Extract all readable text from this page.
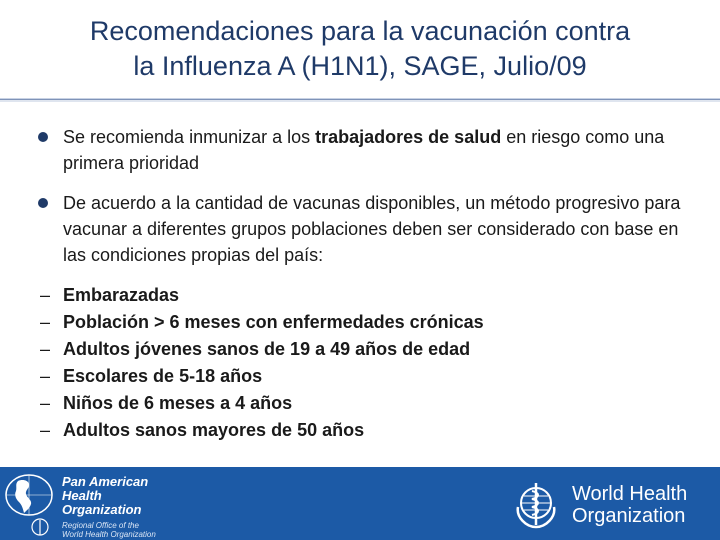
Recomendaciones para la vacunación contra
la Influenza A (H1N1), SAGE, Julio/09
Se recomienda inmunizar a los trabajadores de salud en riesgo como una primera prioridad
De acuerdo a la cantidad de vacunas disponibles, un método progresivo para vacunar a diferentes grupos poblaciones deben ser considerado con base en las condiciones propias del país:
– Embarazadas
– Población > 6 meses con enfermedades crónicas
– Adultos jóvenes sanos de 19 a 49 años de edad
– Escolares de 5-18 años
– Niños de 6 meses a 4 años
– Adultos sanos mayores de 50 años
Pan American
Health
Organization
Regional Office of the
World Health Organization
World Health
Organization
